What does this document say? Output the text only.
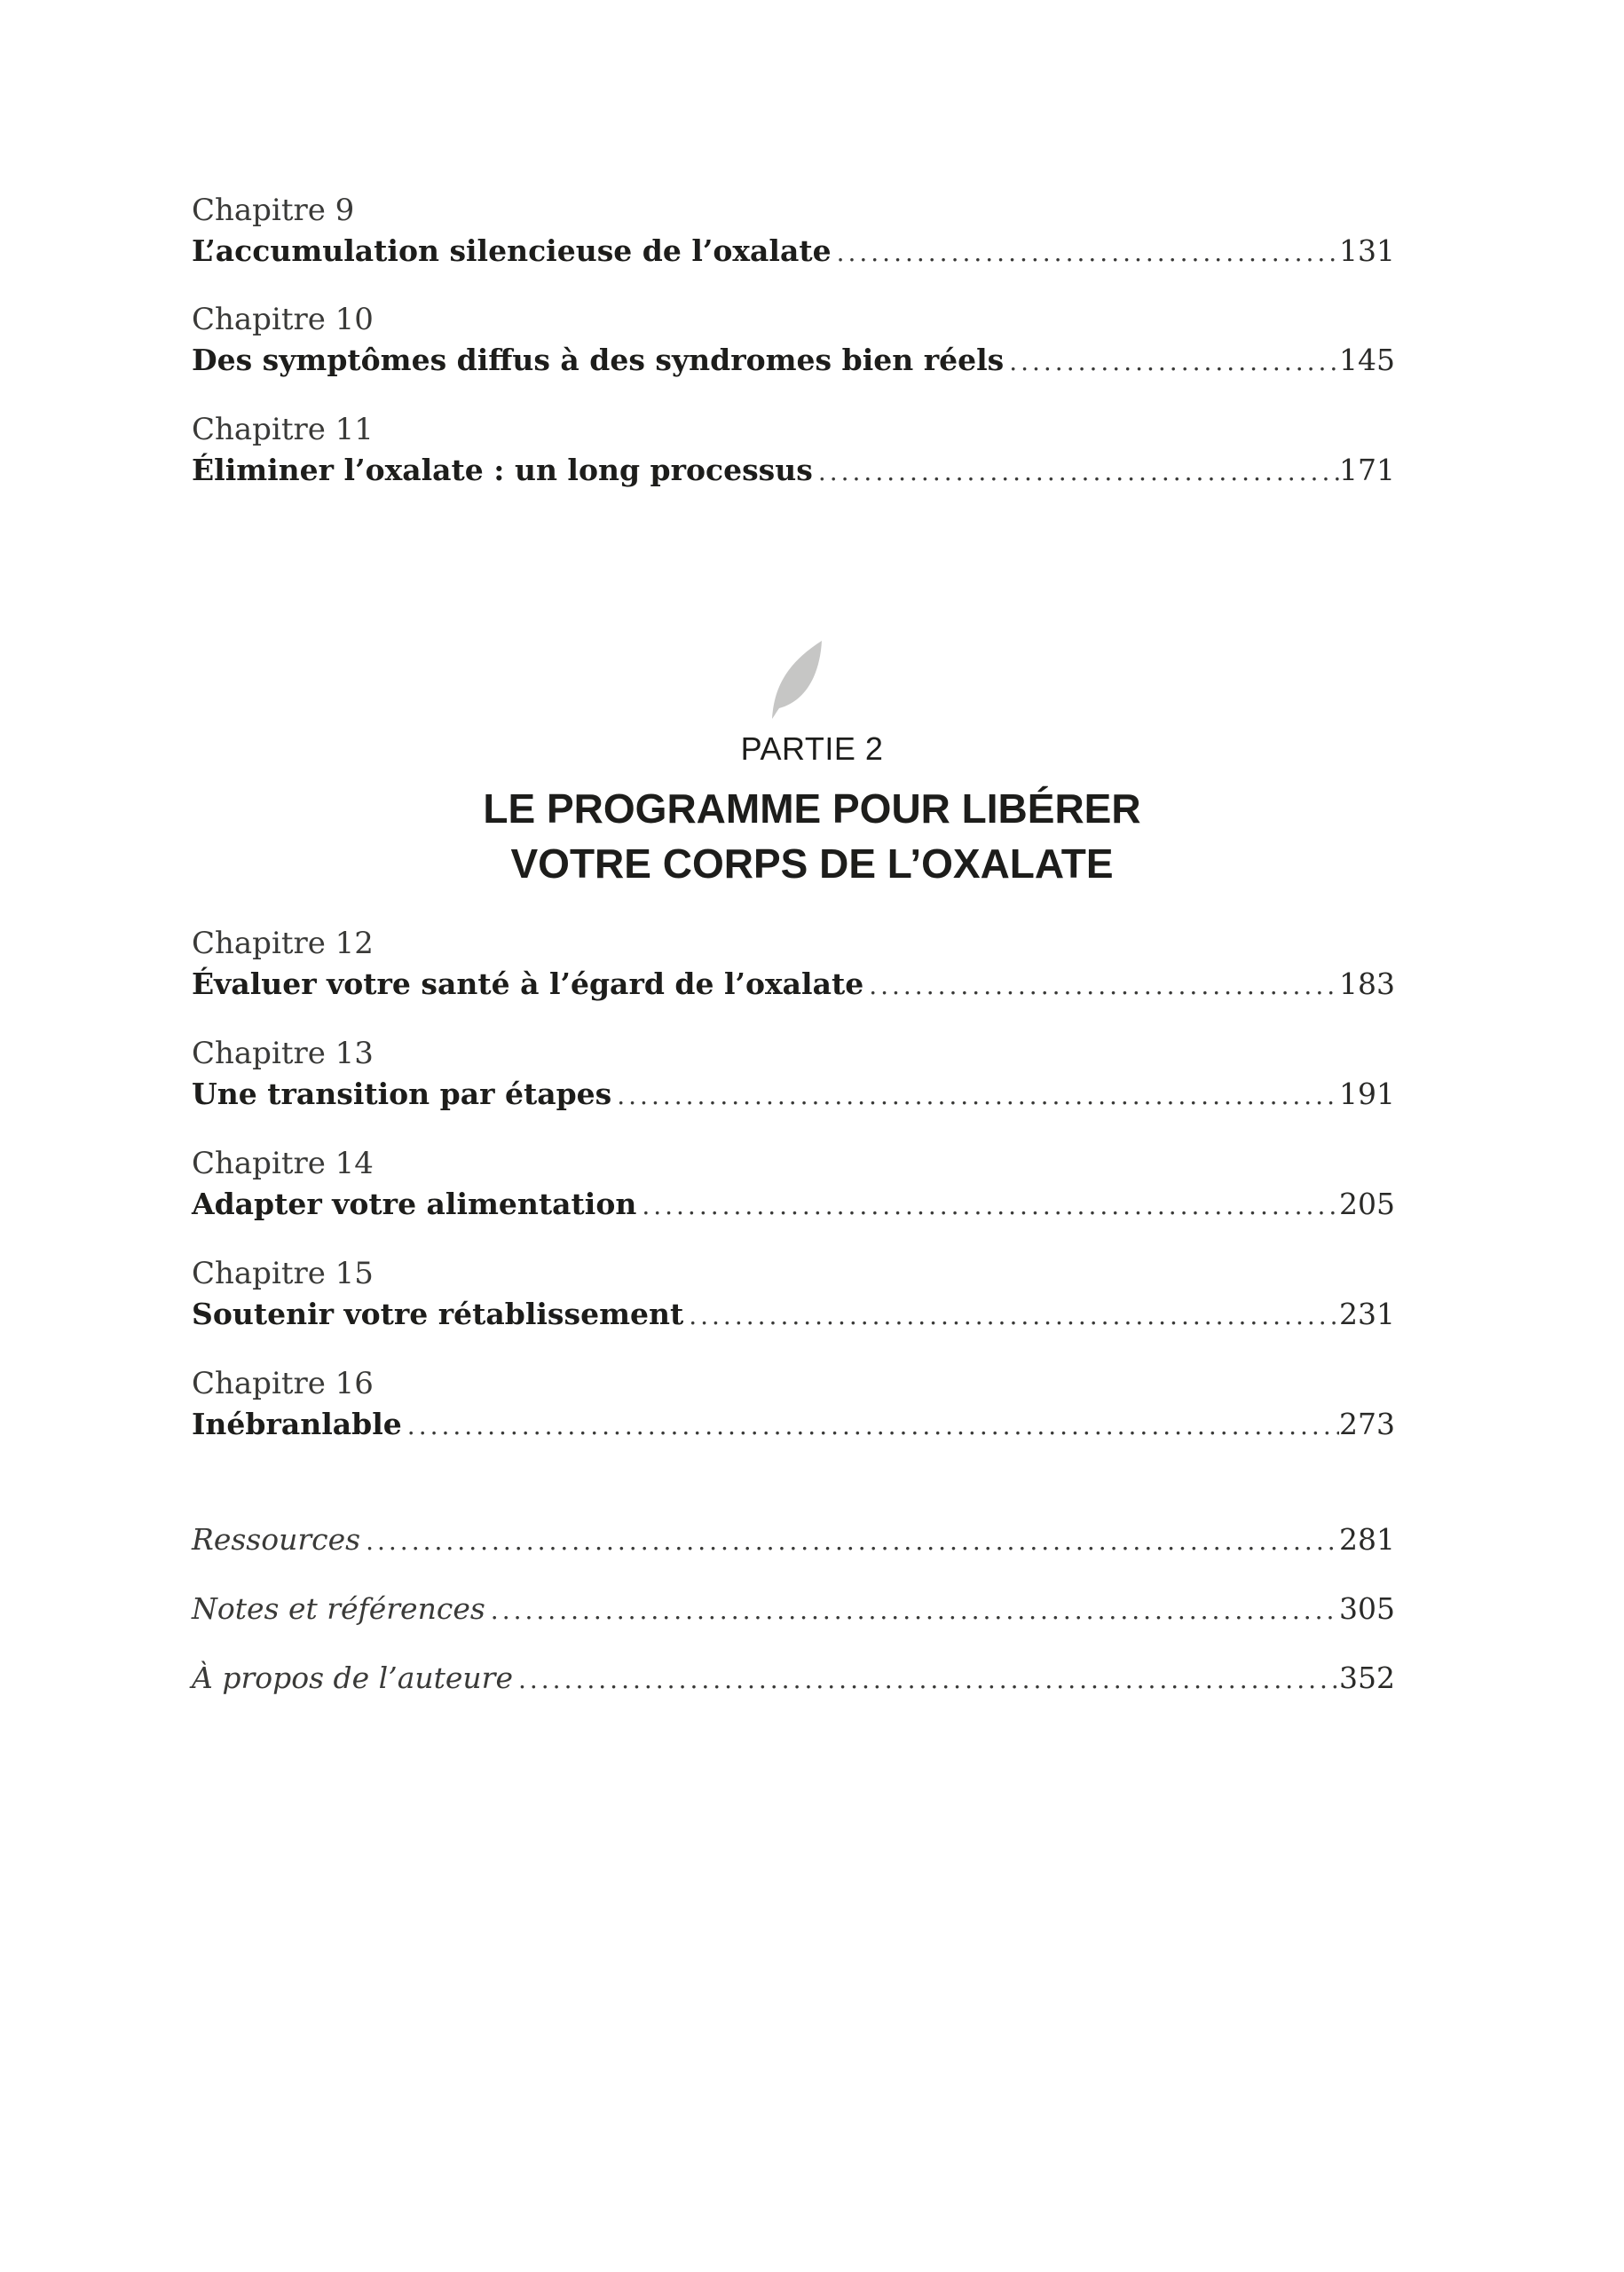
Chapitre 9
L’accumulation silencieuse de l’oxalate .....	131
Chapitre 10
Des symptômes diffus à des syndromes bien réels .....	145
Chapitre 11
Éliminer l’oxalate : un long processus .....	171
PARTIE 2
LE PROGRAMME POUR LIBÉRER
VOTRE CORPS DE L’OXALATE
Chapitre 12
Évaluer votre santé à l’égard de l’oxalate .....	183
Chapitre 13
Une transition par étapes .....	191
Chapitre 14
Adapter votre alimentation .....	205
Chapitre 15
Soutenir votre rétablissement .....	231
Chapitre 16
Inébranlable .....	273
Ressources .....	281
Notes et références .....	305
À propos de l’auteure .....	352
